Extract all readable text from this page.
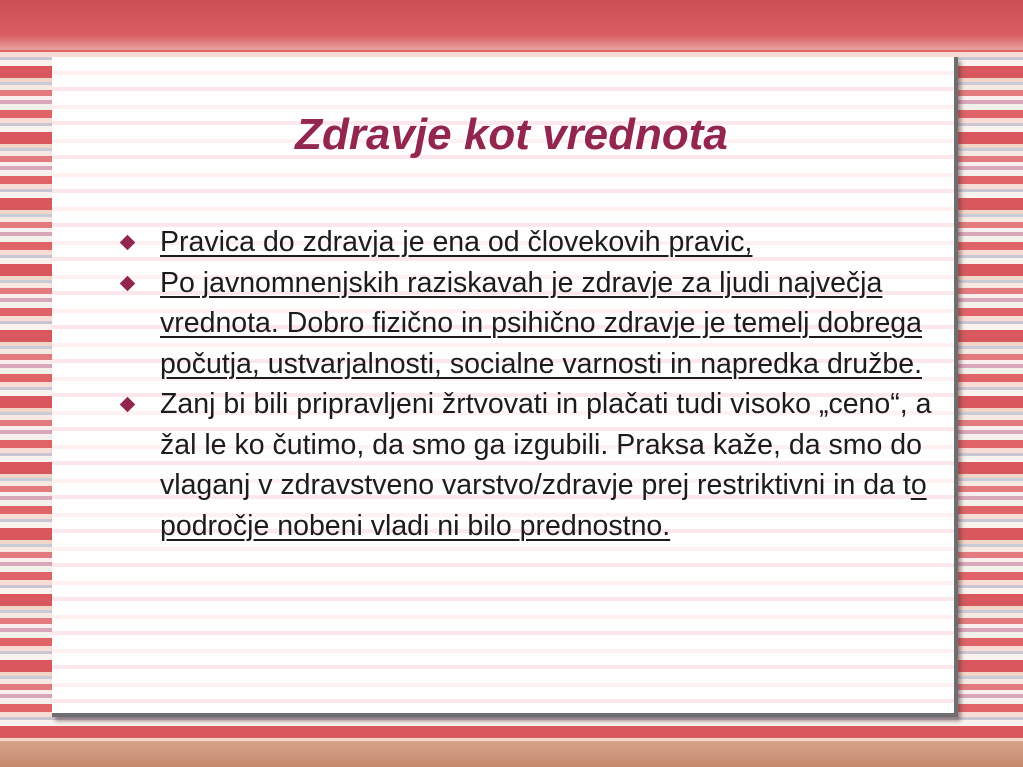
Zdravje kot vrednota
Pravica do zdravja je ena od človekovih pravic,
Po javnomnenjskih raziskavah je zdravje za ljudi največja vrednota. Dobro fizično in psihično zdravje je temelj dobrega počutja, ustvarjalnosti, socialne varnosti in napredka družbe.
Zanj bi bili pripravljeni žrtvovati in plačati tudi visoko „ceno“, a žal le ko čutimo, da smo ga izgubili. Praksa kaže, da smo do vlaganj v zdravstveno varstvo/zdravje prej restriktivni in da to področje nobeni vladi ni bilo prednostno.
